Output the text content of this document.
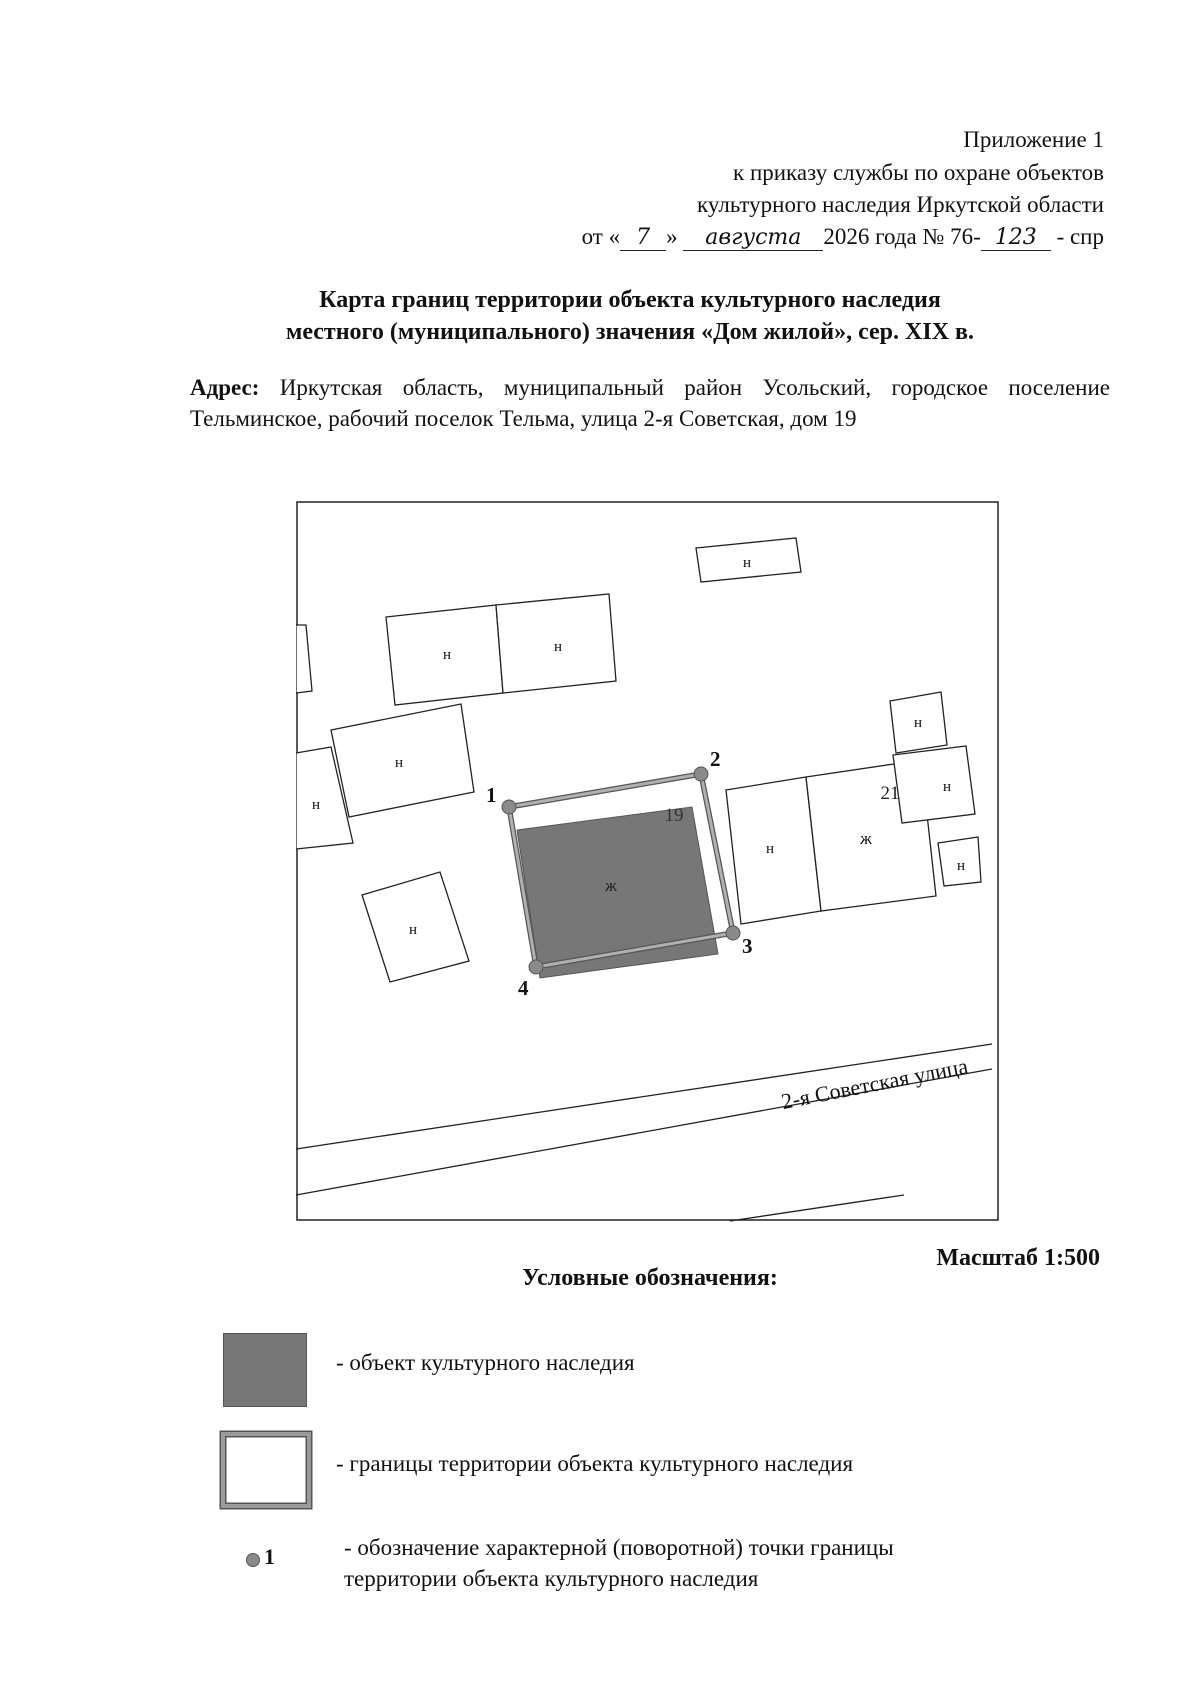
Приложение 1
к приказу службы по охране объектов
культурного наследия Иркутской области
от « 7 » августа 2026 года № 76- 123 - спр
Карта границ территории объекта культурного наследия
местного (муниципального) значения «Дом жилой», сер. XIX в.
Адрес: Иркутская область, муниципальный район Усольский, городское поселение Тельминское, рабочий поселок Тельма, улица 2-я Советская, дом 19
2-я Советская улица
1
2
3
4
н
н	н
н
н
н
н
н
н
н
ж
ж
19
21
Масштаб 1:500
Условные обозначения:
- объект культурного наследия
- границы территории объекта культурного наследия
1	- обозначение характерной (поворотной) точки границы
территории объекта культурного наследия
